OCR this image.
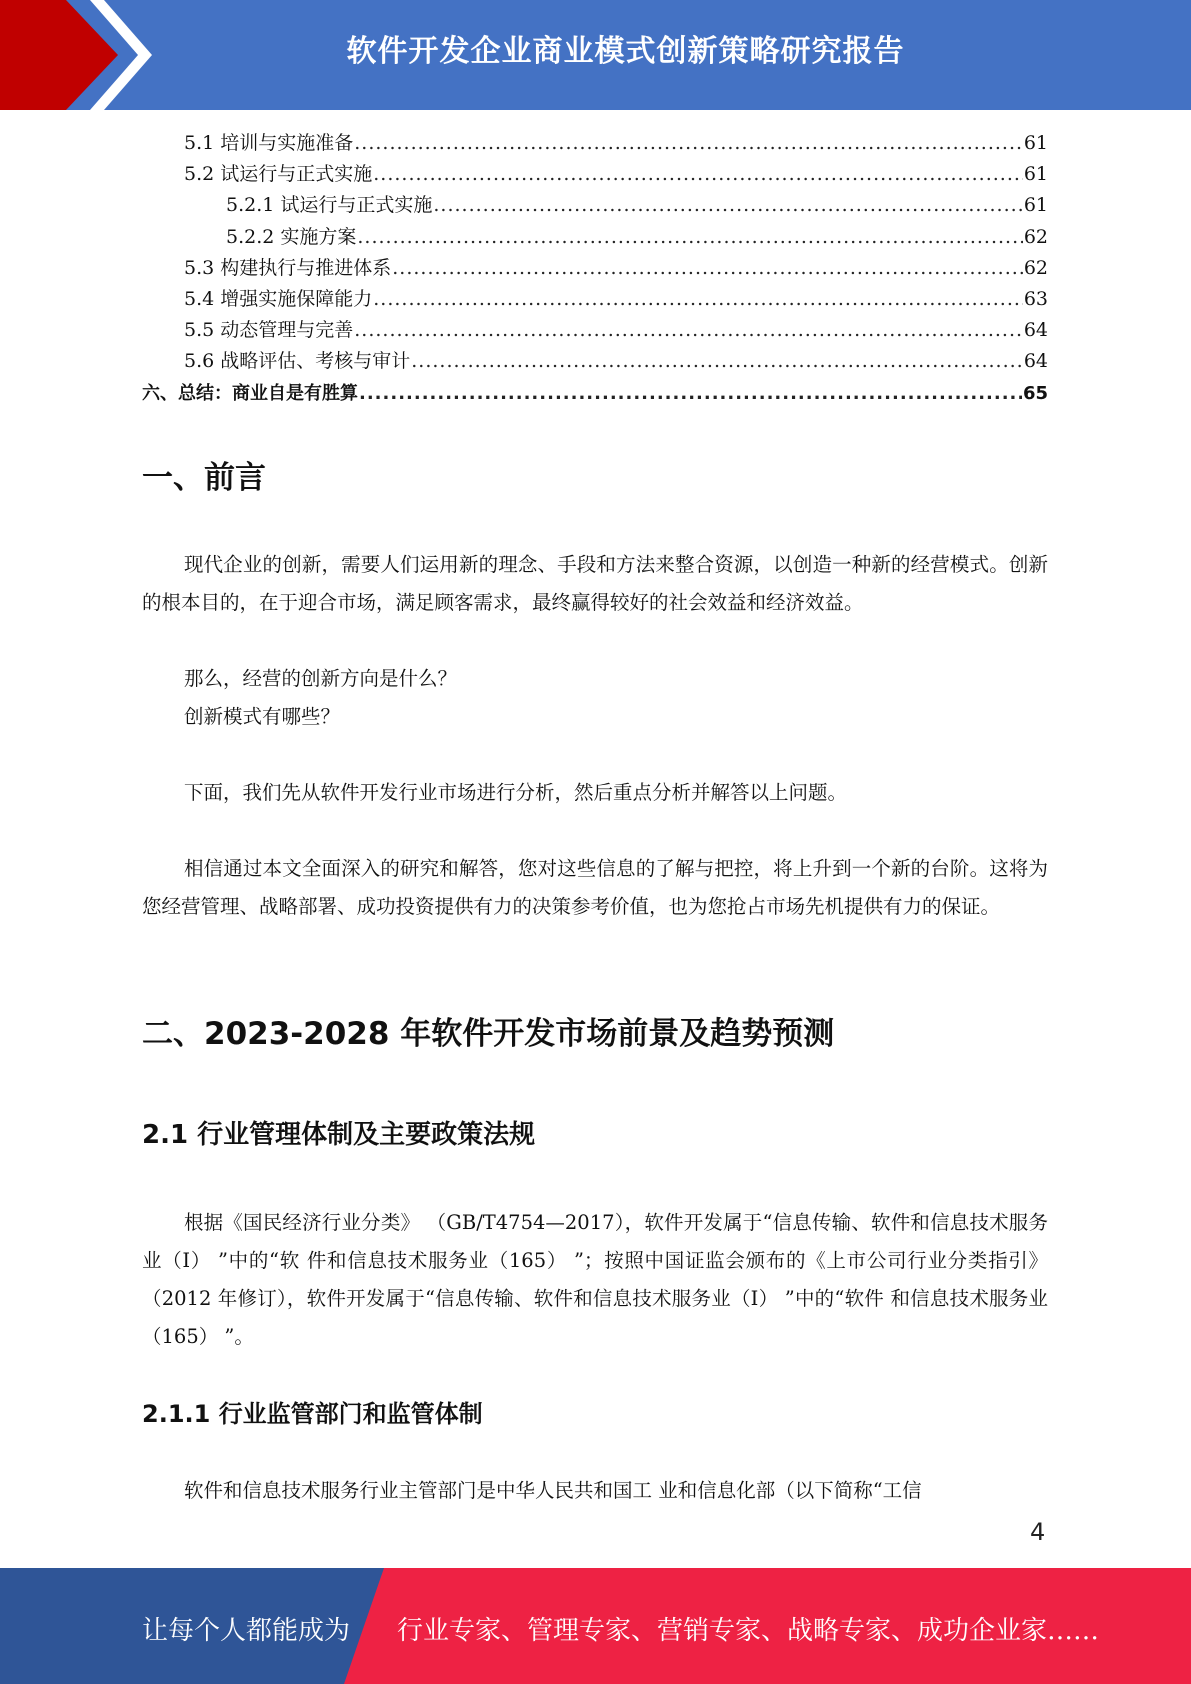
软件开发企业商业模式创新策略研究报告
5.1 培训与实施准备 .....	61
5.2 试运行与正式实施 .....	61
5.2.1 试运行与正式实施 .....	61
5.2.2 实施方案 .....	62
5.3 构建执行与推进体系 .....	62
5.4 增强实施保障能力 .....	63
5.5 动态管理与完善 .....	64
5.6 战略评估、考核与审计 .....	64
六、总结：商业自是有胜算 .....	65
一、前言

现代企业的创新，需要人们运用新的理念、手段和方法来整合资源，以创造一种新的经营模式。创新的根本目的，在于迎合市场，满足顾客需求，最终赢得较好的社会效益和经济效益。

那么，经营的创新方向是什么？

创新模式有哪些？

下面，我们先从软件开发行业市场进行分析，然后重点分析并解答以上问题。

相信通过本文全面深入的研究和解答，您对这些信息的了解与把控，将上升到一个新的台阶。这将为您经营管理、战略部署、成功投资提供有力的决策参考价值，也为您抢占市场先机提供有力的保证。

二、2023-2028 年软件开发市场前景及趋势预测
2.1 行业管理体制及主要政策法规

根据《国民经济行业分类》 （GB/T4754—2017），软件开发属于“信息传输、软件和信息技术服务业（I） ”中的“软 件和信息技术服务业（165） ”；按照中国证监会颁布的《上市公司行业分类指引》 （2012 年修订），软件开发属于“信息传输、软件和信息技术服务业（I） ”中的“软件 和信息技术服务业（165） ”。

2.1.1 行业监管部门和监管体制

软件和信息技术服务行业主管部门是中华人民共和国工 业和信息化部（以下简称“工信

4
让每个人都能成为 行业专家、管理专家、营销专家、战略专家、成功企业家……
